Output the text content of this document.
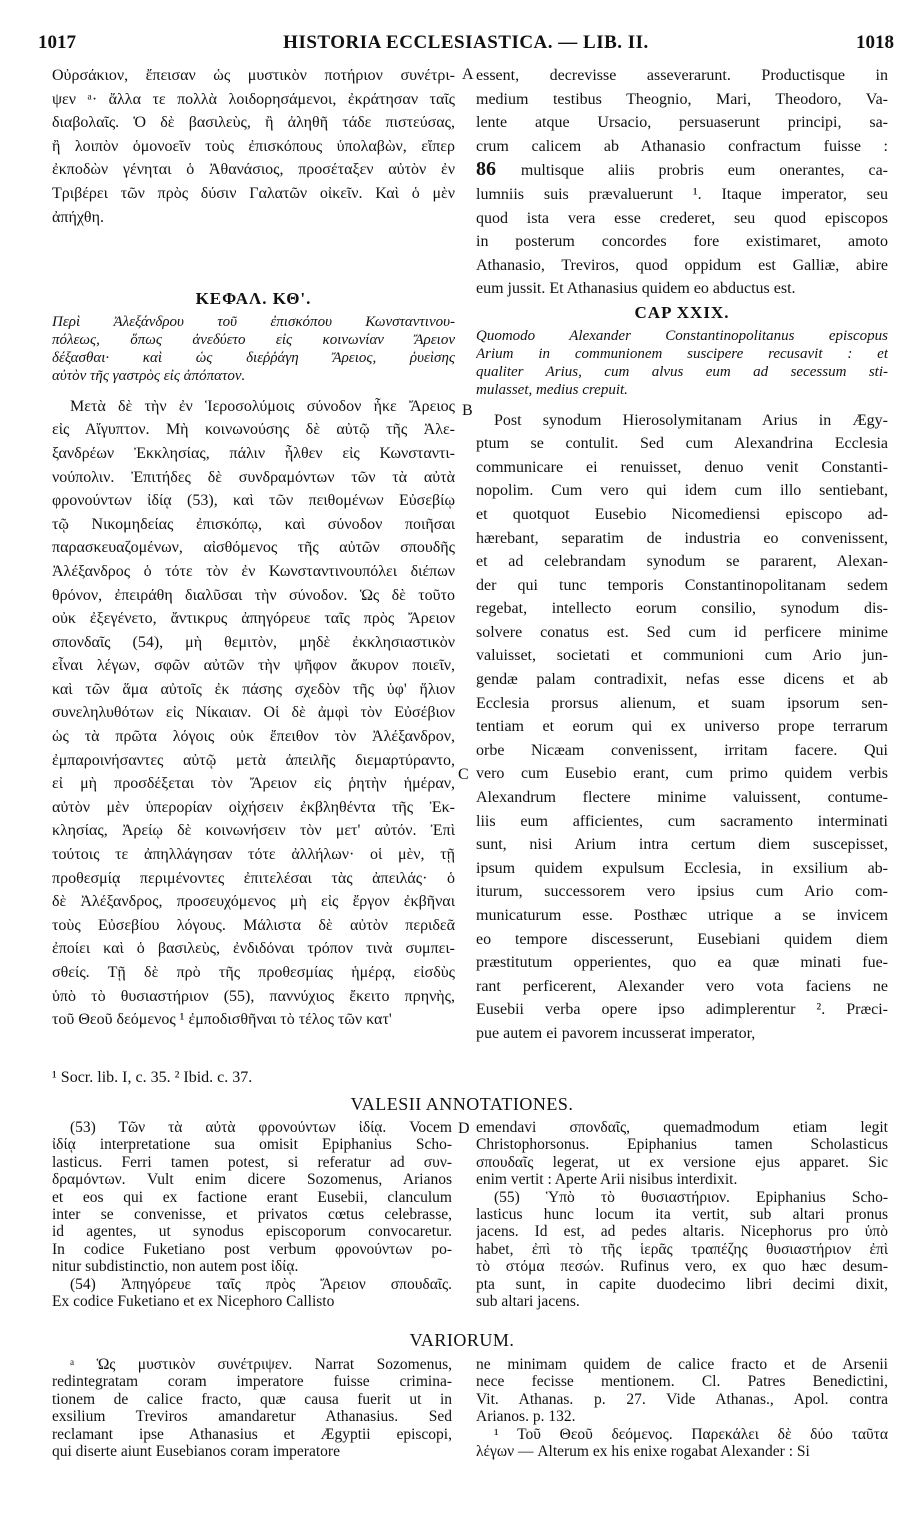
1017	HISTORIA ECCLESIASTICA. — LIB. II.	1018
Οὐρσάκιον, ἔπεισαν ὡς μυστικὸν ποτήριον συνέτρι-
ψεν ᵃ· ἄλλα τε πολλὰ λοιδορησάμενοι, ἐκράτησαν ταῖς
διαβολαῖς. Ὁ δὲ βασιλεὺς, ἢ ἀληθῆ τάδε πιστεύσας,
ἢ λοιπὸν ὁμονοεῖν τοὺς ἐπισκόπους ὑπολαβὼν, εἴπερ
ἐκποδὼν γένηται ὁ Ἀθανάσιος, προσέταξεν αὐτὸν ἐν
Τριβέρει τῶν πρὸς δύσιν Γαλατῶν οἰκεῖν. Καὶ ὁ μὲν
ἀπήχθη.
ΚΕΦΑΛ. ΚΘ'.
Περὶ Ἀλεξάνδρου τοῦ ἐπισκόπου Κωνσταντινου-
πόλεως, ὅπως ἀνεδύετο εἰς κοινωνίαν Ἄρειον
δέξασθαι· καὶ ὡς διεῤῥάγη Ἄρειος, ῥυεὶσης
αὐτὸν τῆς γαστρὸς εἰς ἀπόπατον.
Μετὰ δὲ τὴν ἐν Ἱεροσολύμοις σύνοδον ἧκε Ἄρειος
εἰς Αἴγυπτον. Μὴ κοινωνούσης δὲ αὐτῷ τῆς Ἀλε-
ξανδρέων Ἐκκλησίας, πάλιν ἦλθεν εἰς Κωνσταντι-
νούπολιν. Ἐπιτήδες δὲ συνδραμόντων τῶν τὰ αὐτὰ
φρονούντων ἰδίᾳ (53), καὶ τῶν πειθομένων Εὐσεβίῳ
τῷ Νικομηδείας ἐπισκόπῳ, καὶ σύνοδον ποιῆσαι
παρασκευαζομένων, αἰσθόμενος τῆς αὐτῶν σπουδῆς
Ἀλέξανδρος ὁ τότε τὸν ἐν Κωνσταντινουπόλει διέπων
θρόνον, ἐπειράθη διαλῦσαι τὴν σύνοδον. Ὡς δὲ τοῦτο
οὐκ ἐξεγένετο, ἄντικρυς ἀπηγόρευε ταῖς πρὸς Ἄρειον
σπονδαῖς (54), μὴ θεμιτὸν, μηδὲ ἐκκλησιαστικὸν
εἶναι λέγων, σφῶν αὐτῶν τὴν ψῆφον ἄκυρον ποιεῖν,
καὶ τῶν ἅμα αὐτοῖς ἐκ πάσης σχεδὸν τῆς ὑφ' ἥλιον
συνεληλυθότων εἰς Νίκαιαν. Οἱ δὲ ἀμφὶ τὸν Εὐσέβιον
ὡς τὰ πρῶτα λόγοις οὐκ ἔπειθον τὸν Ἀλέξανδρον,
ἐμπαροινήσαντες αὐτῷ μετὰ ἀπειλῆς διεμαρτύραντο,
εἰ μὴ προσδέξεται τὸν Ἄρειον εἰς ῥητὴν ἡμέραν,
αὐτὸν μὲν ὑπερορίαν οἰχήσειν ἐκβληθέντα τῆς Ἐκ-
κλησίας, Ἀρείῳ δὲ κοινωνήσειν τὸν μετ' αὐτόν. Ἐπὶ
τούτοις τε ἀπηλλάγησαν τότε ἀλλήλων· οἱ μὲν, τῇ
προθεσμίᾳ περιμένοντες ἐπιτελέσαι τὰς ἀπειλάς· ὁ
δὲ Ἀλέξανδρος, προσευχόμενος μὴ εἰς ἔργον ἐκβῆναι
τοὺς Εὐσεβίου λόγους. Μάλιστα δὲ αὐτὸν περιδεᾶ
ἐποίει καὶ ὁ βασιλεὺς, ἐνδιδόναι τρόπον τινὰ συμπει-
σθείς. Τῇ δὲ πρὸ τῆς προθεσμίας ἡμέρᾳ, εἰσδὺς
ὑπὸ τὸ θυσιαστήριον (55), παννύχιος ἔκειτο πρηνὴς,
τοῦ Θεοῦ δεόμενος ¹ ἐμποδισθῆναι τὸ τέλος τῶν κατ'
essent, decrevisse asseverarunt. Productisque in
medium testibus Theognio, Mari, Theodoro, Va-
lente atque Ursacio, persuaserunt principi, sa-
crum calicem ab Athanasio confractum fuisse :
86 multisque aliis probris eum onerantes, ca-
lumniis suis prævaluerunt ¹. Itaque imperator, seu
quod ista vera esse crederet, seu quod episcopos
in posterum concordes fore existimaret, amoto
Athanasio, Treviros, quod oppidum est Galliæ, abire
eum jussit. Et Athanasius quidem eo abductus est.
CAP XXIX.
Quomodo Alexander Constantinopolitanus episcopus
Arium in communionem suscipere recusavit : et
qualiter Arius, cum alvus eum ad secessum sti-
mulasset, medius crepuit.
Post synodum Hierosolymitanam Arius in Ægy-
ptum se contulit. Sed cum Alexandrina Ecclesia
communicare ei renuisset, denuo venit Constanti-
nopolim. Cum vero qui idem cum illo sentiebant,
et quotquot Eusebio Nicomediensi episcopo ad-
hærebant, separatim de industria eo convenissent,
et ad celebrandam synodum se pararent, Alexan-
der qui tunc temporis Constantinopolitanam sedem
regebat, intellecto eorum consilio, synodum dis-
solvere conatus est. Sed cum id perficere minime
valuisset, societati et communioni cum Ario jun-
gendæ palam contradixit, nefas esse dicens et ab
Ecclesia prorsus alienum, et suam ipsorum sen-
tentiam et eorum qui ex universo prope terrarum
orbe Nicæam convenissent, irritam facere. Qui
vero cum Eusebio erant, cum primo quidem verbis
Alexandrum flectere minime valuissent, contume-
liis eum afficientes, cum sacramento interminati
sunt, nisi Arium intra certum diem suscepisset,
ipsum quidem expulsum Ecclesia, in exsilium ab-
iturum, successorem vero ipsius cum Ario com-
municaturum esse. Posthæc utrique a se invicem
eo tempore discesserunt, Eusebiani quidem diem
præstitutum opperientes, quo ea quæ minati fue-
rant perficerent, Alexander vero vota faciens ne
Eusebii verba opere ipso adimplerentur ². Præci-
pue autem ei pavorem incusserat imperator,
A
B
C
D
¹ Socr. lib. I, c. 35. ² Ibid. c. 37.
VALESII ANNOTATIONES.
(53) Τῶν τὰ αὐτὰ φρονούντων ἰδίᾳ. Vocem
ἰδίᾳ interpretatione sua omisit Epiphanius Scho-
lasticus. Ferri tamen potest, si referatur ad συν-
δραμόντων. Vult enim dicere Sozomenus, Arianos
et eos qui ex factione erant Eusebii, clanculum
inter se convenisse, et privatos cœtus celebrasse,
id agentes, ut synodus episcoporum convocaretur.
In codice Fuketiano post verbum φρονούντων po-
nitur subdistinctio, non autem post ἰδίᾳ.
(54) Ἀπηγόρευε ταῖς πρὸς Ἄρειον σπουδαῖς.
Ex codice Fuketiano et ex Nicephoro Callisto
emendavi σπονδαῖς, quemadmodum etiam legit
Christophorsonus. Epiphanius tamen Scholasticus
σπουδαῖς legerat, ut ex versione ejus apparet. Sic
enim vertit : Aperte Arii nisibus interdixit.
(55) Ὑπὸ τὸ θυσιαστήριον. Epiphanius Scho-
lasticus hunc locum ita vertit, sub altari pronus
jacens. Id est, ad pedes altaris. Nicephorus pro ὑπὸ
habet, ἐπὶ τὸ τῆς ἱερᾶς τραπέζης θυσιαστήριον ἐπὶ
τὸ στόμα πεσών. Rufinus vero, ex quo hæc desum-
pta sunt, in capite duodecimo libri decimi dixit,
sub altari jacens.
VARIORUM.
ᵃ Ὡς μυστικὸν συνέτριψεν. Narrat Sozomenus,
redintegratam coram imperatore fuisse crimina-
tionem de calice fracto, quæ causa fuerit ut in
exsilium Treviros amandaretur Athanasius. Sed
reclamant ipse Athanasius et Ægyptii episcopi,
qui diserte aiunt Eusebianos coram imperatore
ne minimam quidem de calice fracto et de Arsenii
nece fecisse mentionem. Cl. Patres Benedictini,
Vit. Athanas. p. 27. Vide Athanas., Apol. contra
Arianos. p. 132.
¹ Τοῦ Θεοῦ δεόμενος. Παρεκάλει δὲ δύο ταῦτα
λέγων — Alterum ex his enixe rogabat Alexander : Si
